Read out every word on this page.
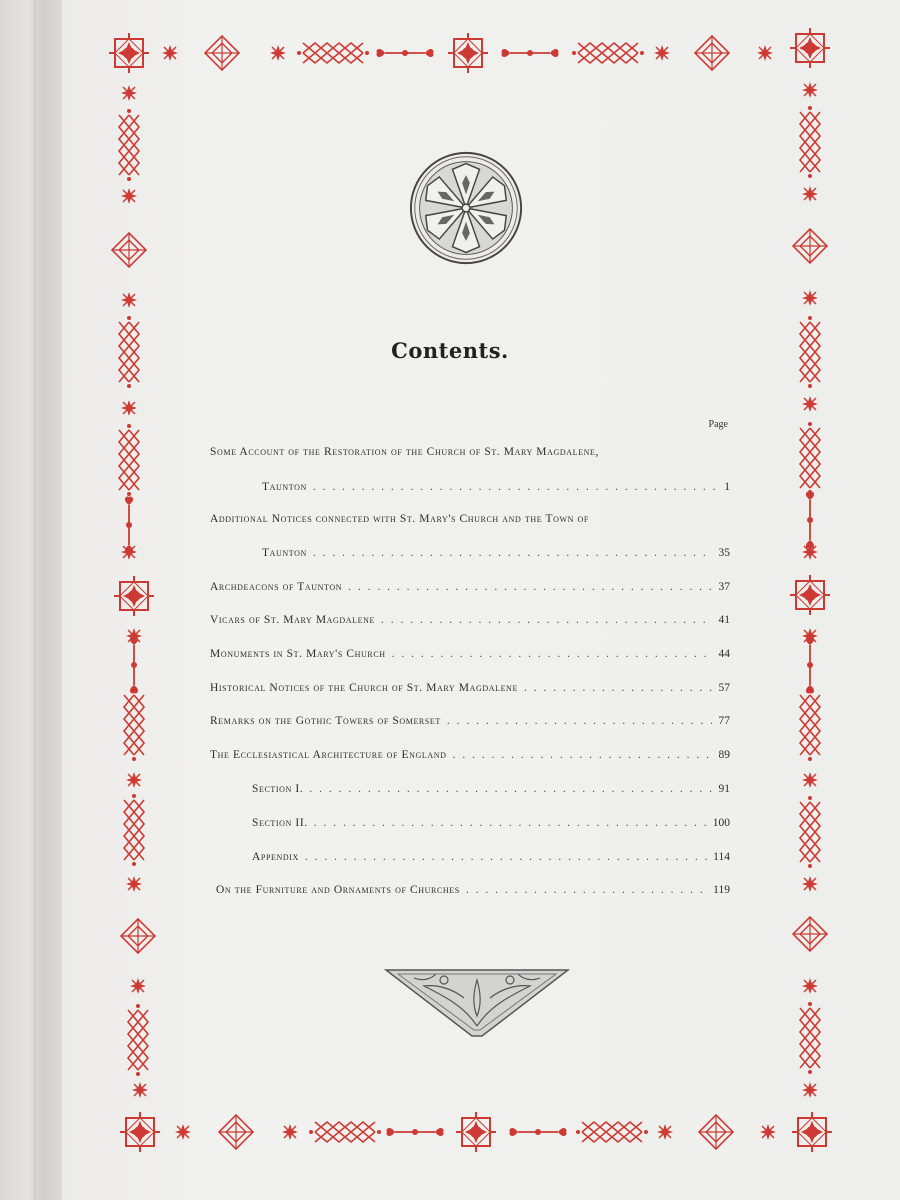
Contents.
Page
Some Account of the Restoration of the Church of St. Mary Magdalene,
Taunton . . .	1
Additional Notices connected with St. Mary's Church and the Town of
Taunton . . .	35
Archdeacons of Taunton . . .	37
Vicars of St. Mary Magdalene . . .	41
Monuments in St. Mary's Church . . .	44
Historical Notices of the Church of St. Mary Magdalene . . .	57
Remarks on the Gothic Towers of Somerset . . .	77
The Ecclesiastical Architecture of England . . .	89
Section I. . . .	91
Section II. . . .	100
Appendix . . .	114
On the Furniture and Ornaments of Churches . . .	119
